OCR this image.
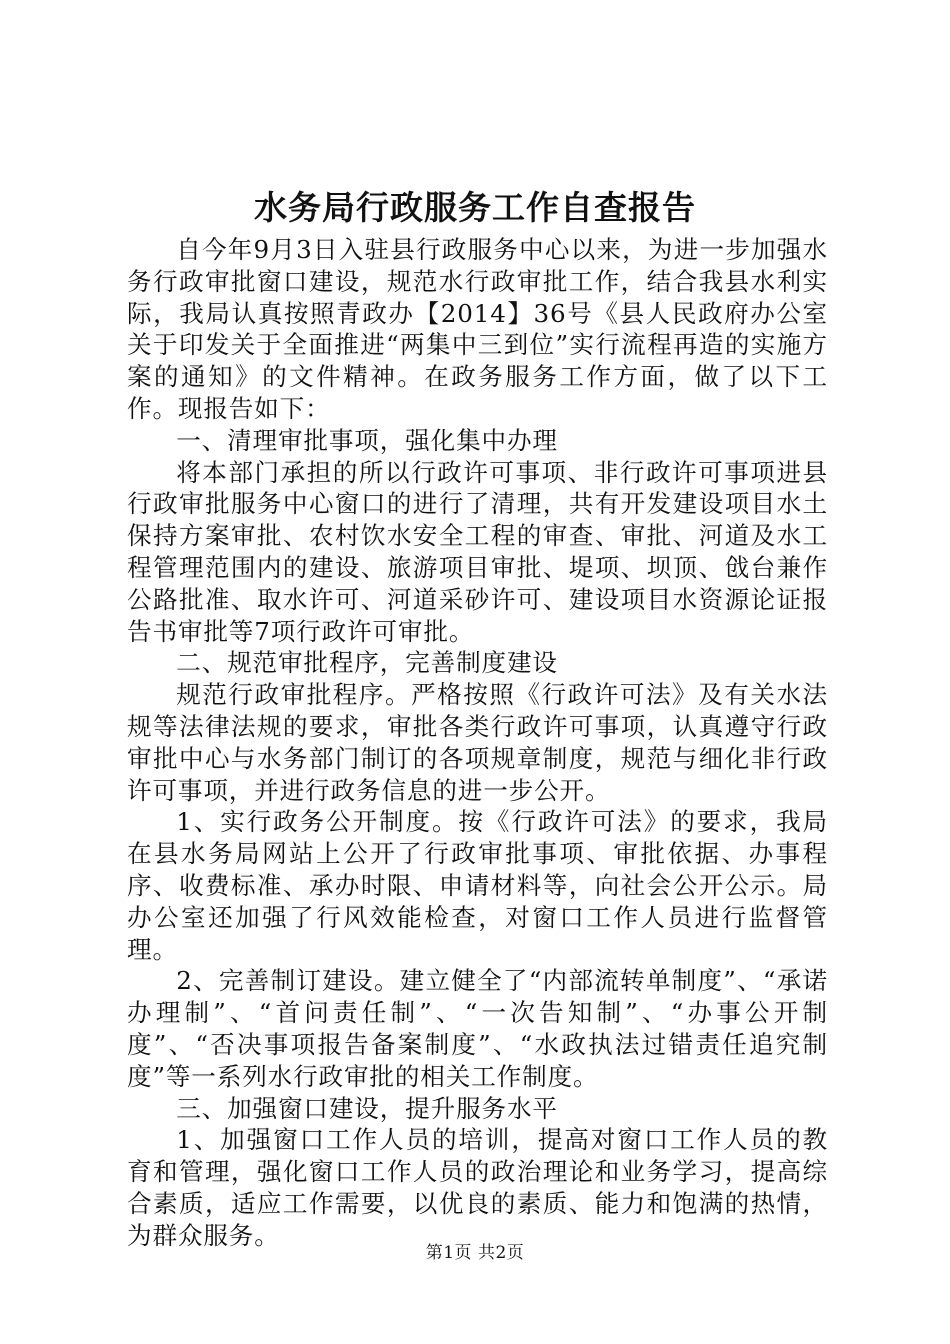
水务局行政服务工作自查报告

自今年9月3日入驻县行政服务中心以来，为进一步加强水务行政审批窗口建设，规范水行政审批工作，结合我县水利实际，我局认真按照青政办【2014】36号《县人民政府办公室关于印发关于全面推进“两集中三到位”实行流程再造的实施方案的通知》的文件精神。在政务服务工作方面，做了以下工作。现报告如下：

一、清理审批事项，强化集中办理

将本部门承担的所以行政许可事项、非行政许可事项进县行政审批服务中心窗口的进行了清理，共有开发建设项目水土保持方案审批、农村饮水安全工程的审查、审批、河道及水工程管理范围内的建设、旅游项目审批、堤项、坝顶、戗台兼作公路批准、取水许可、河道采砂许可、建设项目水资源论证报告书审批等7项行政许可审批。

二、规范审批程序，完善制度建设

规范行政审批程序。严格按照《行政许可法》及有关水法规等法律法规的要求，审批各类行政许可事项，认真遵守行政审批中心与水务部门制订的各项规章制度，规范与细化非行政许可事项，并进行政务信息的进一步公开。

1、实行政务公开制度。按《行政许可法》的要求，我局在县水务局网站上公开了行政审批事项、审批依据、办事程序、收费标准、承办时限、申请材料等，向社会公开公示。局办公室还加强了行风效能检查，对窗口工作人员进行监督管理。

2、完善制订建设。建立健全了“内部流转单制度”、“承诺办理制”、“首问责任制”、“一次告知制”、“办事公开制度”、“否决事项报告备案制度”、“水政执法过错责任追究制度”等一系列水行政审批的相关工作制度。

三、加强窗口建设，提升服务水平

1、加强窗口工作人员的培训，提高对窗口工作人员的教育和管理，强化窗口工作人员的政治理论和业务学习，提高综合素质，适应工作需要，以优良的素质、能力和饱满的热情，为群众服务。

第1页 共2页
